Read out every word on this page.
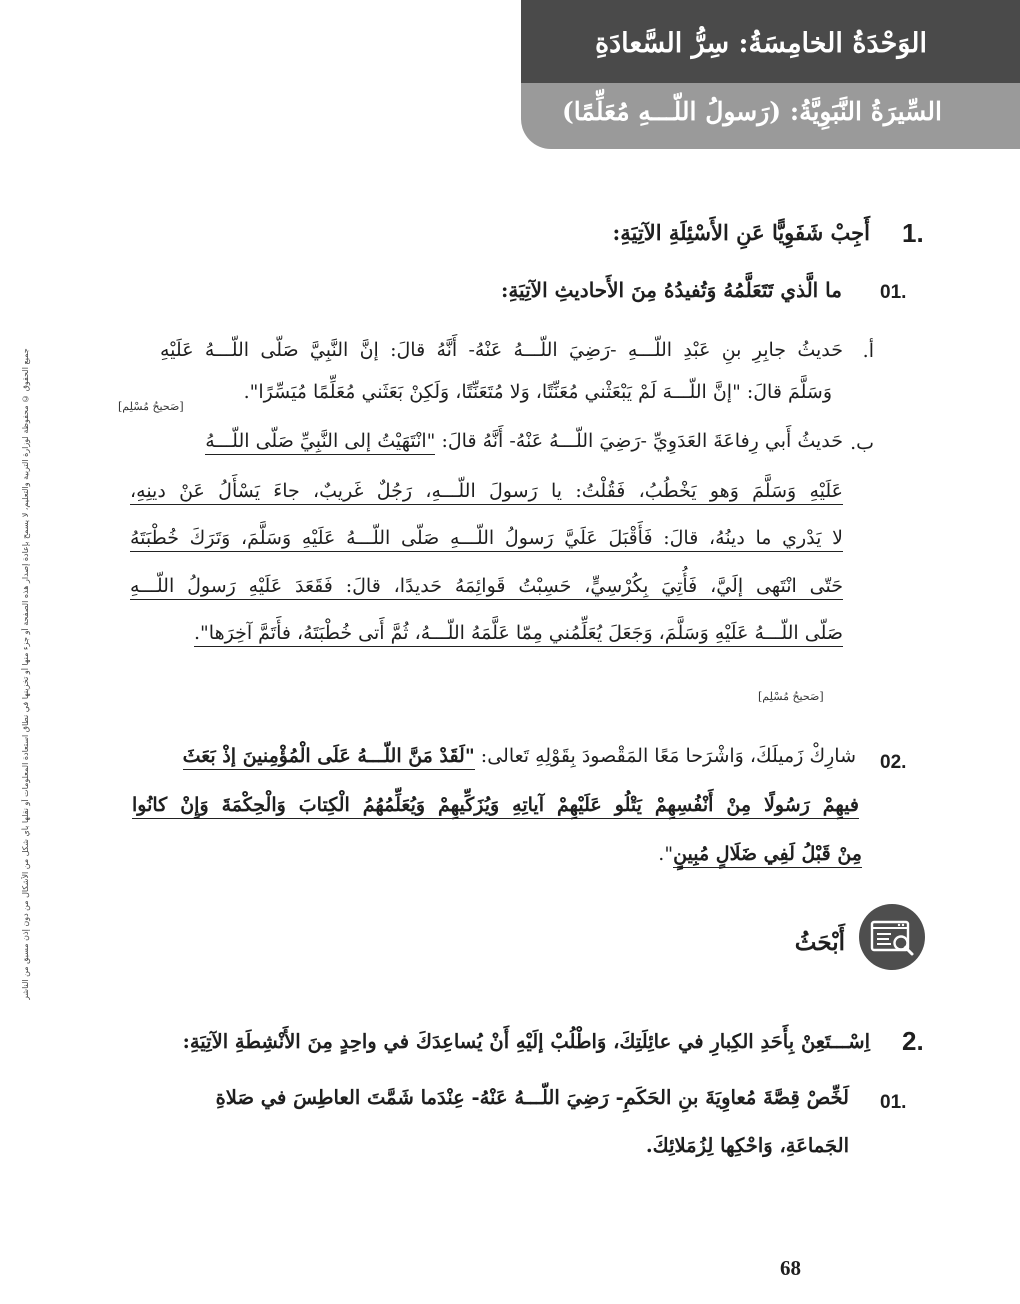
الوَحْدَةُ الخامِسَةُ: سِرُّ السَّعادَةِ
السِّيرَةُ النَّبَوِيَّةُ: (رَسولُ اللّـــهِ مُعَلِّمًا)
جميع الحقوق © محفوظة لوزارة التربية والتعليم، لا يسمح بإعادة إصدار هذه الصفحة أو جزء منها أو تخزينها في نطاق استعادة المعلومات أو نقلها بأي شكل من الأشكال من دون إذن مسبق من الناشر
1.
أَجِبْ شَفَوِيًّا عَنِ الأَسْئِلَةِ الآتِيَةِ:
01.
ما الَّذي تَتَعَلَّمُهُ وَتُفيدُهُ مِنَ الأَحاديثِ الآتِيَةِ:
أ.
حَديثُ جابِرِ بنِ عَبْدِ اللّـــهِ -رَضِيَ اللّـــهُ عَنْهُ- أَنَّهُ قالَ: إنَّ النَّبِيَّ صَلّى اللّـــهُ عَلَيْهِ
وَسَلَّمَ قالَ: "إنَّ اللّـــهَ لَمْ يَبْعَثْني مُعَنِّتًا، وَلا مُتَعَنِّتًا، وَلَكِنْ بَعَثَني مُعَلِّمًا مُيَسِّرًا".
[صَحيحُ مُسْلِم]
ب.
حَديثُ أَبي رِفاعَةَ العَدَوِيِّ -رَضِيَ اللّـــهُ عَنْهُ- أَنَّهُ قالَ: "انْتَهَيْتُ إلى النَّبِيِّ صَلّى اللّـــهُ
عَلَيْهِ وَسَلَّمَ وَهو يَخْطُبُ، فَقُلْتُ: يا رَسولَ اللّـــهِ، رَجُلٌ غَريبٌ، جاءَ يَسْأَلُ عَنْ دينِهِ،
لا يَدْري ما دينُهُ، قالَ: فَأَقْبَلَ عَلَيَّ رَسولُ اللّـــهِ صَلّى اللّـــهُ عَلَيْهِ وَسَلَّمَ، وَتَرَكَ خُطْبَتَهُ
حَتّى انْتَهى إلَيَّ، فَأُتِيَ بِكُرْسِيٍّ، حَسِبْتُ قَوائِمَهُ حَديدًا، قالَ: فَقَعَدَ عَلَيْهِ رَسولُ اللّـــهِ
صَلّى اللّـــهُ عَلَيْهِ وَسَلَّمَ، وَجَعَلَ يُعَلِّمُني مِمّا عَلَّمَهُ اللّـــهُ، ثُمَّ أَتى خُطْبَتَهُ، فأَتَمَّ آخِرَها".
[صَحيحُ مُسْلِم]
02.
شارِكْ زَميلَكَ، وَاشْرَحا مَعًا المَقْصودَ بِقَوْلِهِ تَعالى: "لَقَدْ مَنَّ اللّـــهُ عَلَى الْمُؤْمِنينَ إذْ بَعَثَ
فيهِمْ رَسُولًا مِنْ أَنْفُسِهِمْ يَتْلُو عَلَيْهِمْ آياتِهِ وَيُزَكِّيهِمْ وَيُعَلِّمُهُمُ الْكِتابَ وَالْحِكْمَةَ وَإِنْ كانُوا
مِنْ قَبْلُ لَفِي ضَلَالٍ مُبِينٍ".
أَبْحَثُ
2.
اِسْـــتَعِنْ بِأَحَدِ الكِبارِ في عائِلَتِكَ، وَاطْلُبْ إلَيْهِ أَنْ يُساعِدَكَ في واحِدٍ مِنَ الأَنْشِطَةِ الآتِيَةِ:
01.
لَخِّصْ قِصَّةَ مُعاوِيَةَ بنِ الحَكَمِ- رَضِيَ اللّـــهُ عَنْهُ- عِنْدَما شَمَّتَ العاطِسَ في صَلاةِ
الجَماعَةِ، وَاحْكِها لِزُمَلائِكَ.
68
